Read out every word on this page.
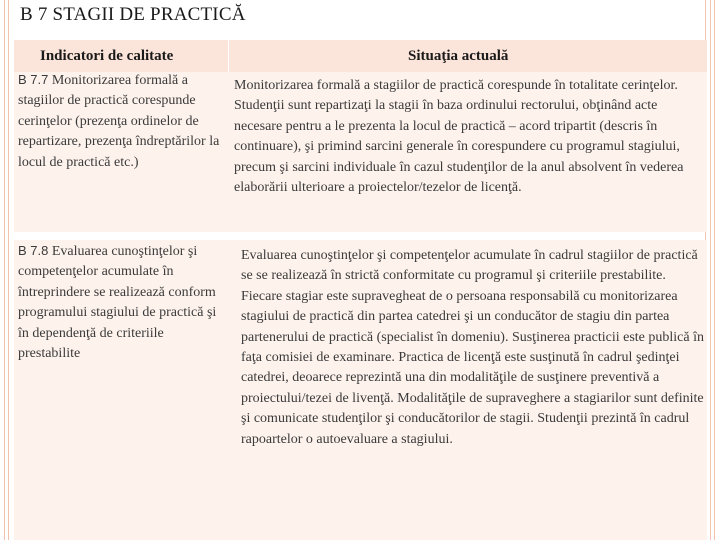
B 7 STAGII DE PRACTICĂ
Indicatori de calitate	Situaţia actuală
B 7.7 Monitorizarea formală a stagiilor de practică corespunde cerinţelor (prezenţa ordinelor de repartizare, prezenţa îndreptărilor la locul de practică etc.)
Monitorizarea formală a stagiilor de practică corespunde în totalitate cerinţelor. Studenţii sunt repartizaţi la stagii în baza ordinului rectorului, obţinând acte necesare pentru a le prezenta la locul de practică – acord tripartit (descris în continuare), şi primind sarcini generale în corespundere cu programul stagiului, precum şi sarcini individuale în cazul studenţilor de la anul absolvent în vederea elaborării ulterioare a proiectelor/tezelor de licenţă.
B 7.8 Evaluarea cunoştinţelor şi competenţelor acumulate în întreprindere se realizează conform programului stagiului de practică şi în dependenţă de criteriile prestabilite
Evaluarea cunoştinţelor şi competenţelor acumulate în cadrul stagiilor de practică se se realizează în strictă conformitate cu programul şi criteriile prestabilite. Fiecare stagiar este supravegheat de o persoana responsabilă cu monitorizarea stagiului de practică din partea catedrei şi un conducător de stagiu din partea partenerului de practică (specialist în domeniu). Susţinerea practicii este publică în faţa comisiei de examinare. Practica de licenţă este susţinută în cadrul şedinţei catedrei, deoarece reprezintă una din modalităţile de susţinere preventivă a proiectului/tezei de livenţă. Modalităţile de supraveghere a stagiarilor sunt definite şi comunicate studenţilor şi conducătorilor de stagii. Studenţii prezintă în cadrul rapoartelor o autoevaluare a stagiului.
